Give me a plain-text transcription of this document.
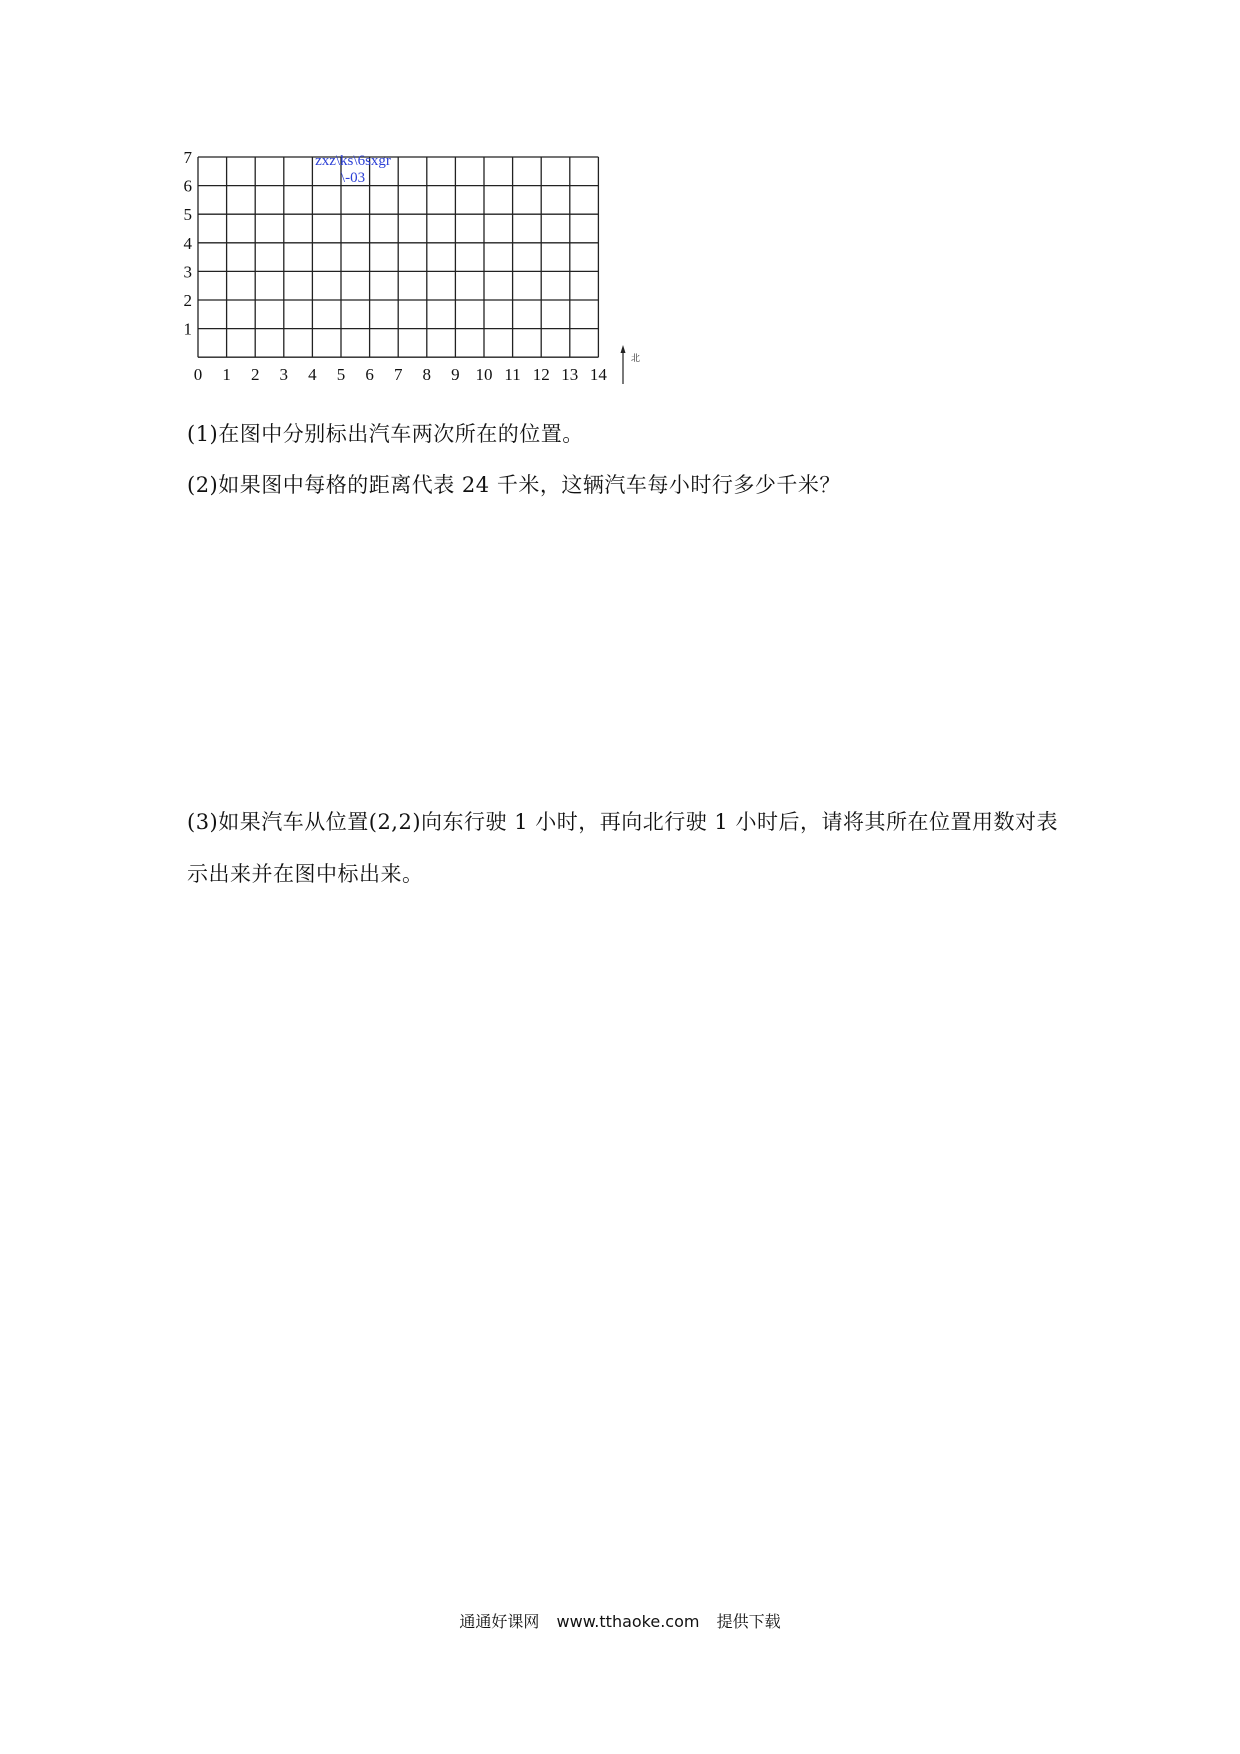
1
2
3
4
5
6
7
0 1 2 3 4 5 6 7 8 9 10 11 12 13 14
zxz\ks\6sxgr
\-03
北

(1)在图中分别标出汽车两次所在的位置。

(2)如果图中每格的距离代表 24 千米，这辆汽车每小时行多少千米？

(3)如果汽车从位置(2,2)向东行驶 1 小时，再向北行驶 1 小时后，请将其所在位置用数对表

示出来并在图中标出来。

通通好课网 www.tthaoke.com 提供下载
